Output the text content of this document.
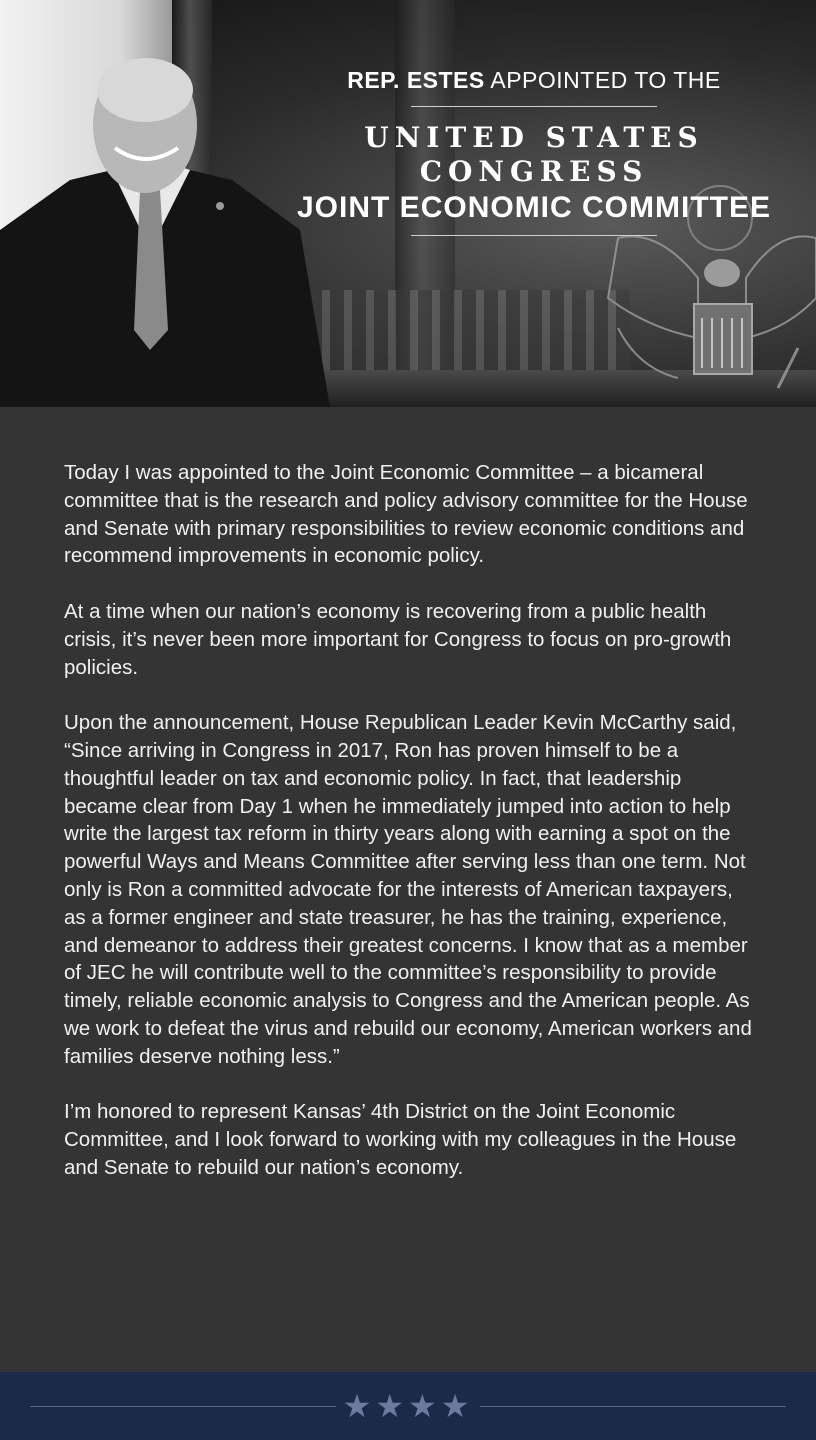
REP. ESTES APPOINTED TO THE
UNITED STATES CONGRESS
JOINT ECONOMIC COMMITTEE

Today I was appointed to the Joint Economic Committee – a bicameral committee that is the research and policy advisory committee for the House and Senate with primary responsibilities to review economic conditions and recommend improvements in economic policy.

At a time when our nation’s economy is recovering from a public health crisis, it’s never been more important for Congress to focus on pro-growth policies.

Upon the announcement, House Republican Leader Kevin McCarthy said, “Since arriving in Congress in 2017, Ron has proven himself to be a thoughtful leader on tax and economic policy. In fact, that leadership became clear from Day 1 when he immediately jumped into action to help write the largest tax reform in thirty years along with earning a spot on the powerful Ways and Means Committee after serving less than one term. Not only is Ron a committed advocate for the interests of American taxpayers, as a former engineer and state treasurer, he has the training, experience, and demeanor to address their greatest concerns. I know that as a member of JEC he will contribute well to the committee’s responsibility to provide timely, reliable economic analysis to Congress and the American people. As we work to defeat the virus and rebuild our economy, American workers and families deserve nothing less.”

I’m honored to represent Kansas’ 4th District on the Joint Economic Committee, and I look forward to working with my colleagues in the House and Senate to rebuild our nation’s economy.

★★★★
